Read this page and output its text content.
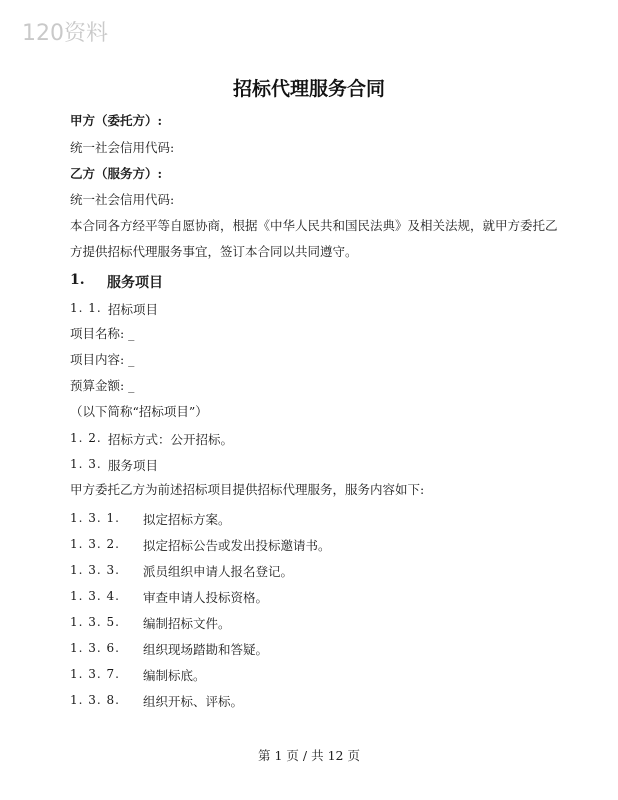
120资料
招标代理服务合同
甲方（委托方）:
统一社会信用代码:
乙方（服务方）:
统一社会信用代码:
本合同各方经平等自愿协商，根据《中华人民共和国民法典》及相关法规，就甲方委托乙
方提供招标代理服务事宜，签订本合同以共同遵守。
1. 服务项目
1. 1. 招标项目
项目名称: _
项目内容: _
预算金额: _
（以下简称“招标项目”）
1. 2. 招标方式：公开招标。
1. 3. 服务项目
甲方委托乙方为前述招标项目提供招标代理服务，服务内容如下:
1. 3. 1. 拟定招标方案。
1. 3. 2. 拟定招标公告或发出投标邀请书。
1. 3. 3. 派员组织申请人报名登记。
1. 3. 4. 审查申请人投标资格。
1. 3. 5. 编制招标文件。
1. 3. 6. 组织现场踏勘和答疑。
1. 3. 7. 编制标底。
1. 3. 8. 组织开标、评标。
第 1 页 / 共 12 页
